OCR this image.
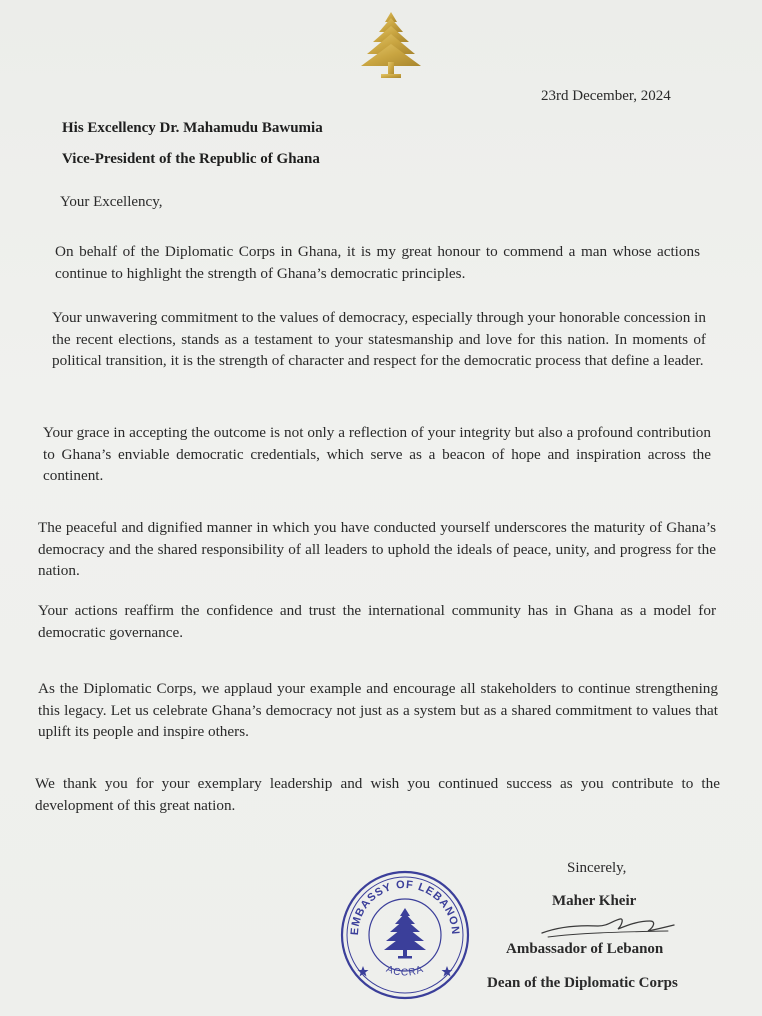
23rd December, 2024
His Excellency Dr. Mahamudu Bawumia
Vice-President of the Republic of Ghana
Your Excellency,
On behalf of the Diplomatic Corps in Ghana, it is my great honour to commend a man whose actions continue to highlight the strength of Ghana’s democratic principles.
Your unwavering commitment to the values of democracy, especially through your honorable concession in the recent elections, stands as a testament to your statesmanship and love for this nation. In moments of political transition, it is the strength of character and respect for the democratic process that define a leader.
Your grace in accepting the outcome is not only a reflection of your integrity but also a profound contribution to Ghana’s enviable democratic credentials, which serve as a beacon of hope and inspiration across the continent.
The peaceful and dignified manner in which you have conducted yourself underscores the maturity of Ghana’s democracy and the shared responsibility of all leaders to uphold the ideals of peace, unity, and progress for the nation.
Your actions reaffirm the confidence and trust the international community has in Ghana as a model for democratic governance.
As the Diplomatic Corps, we applaud your example and encourage all stakeholders to continue strengthening this legacy. Let us celebrate Ghana’s democracy not just as a system but as a shared commitment to values that uplift its people and inspire others.
We thank you for your exemplary leadership and wish you continued success as you contribute to the development of this great nation.
Sincerely,
Maher Kheir
Ambassador of Lebanon
Dean of the Diplomatic Corps
EMBASSY OF LEBANON
ACCRA
